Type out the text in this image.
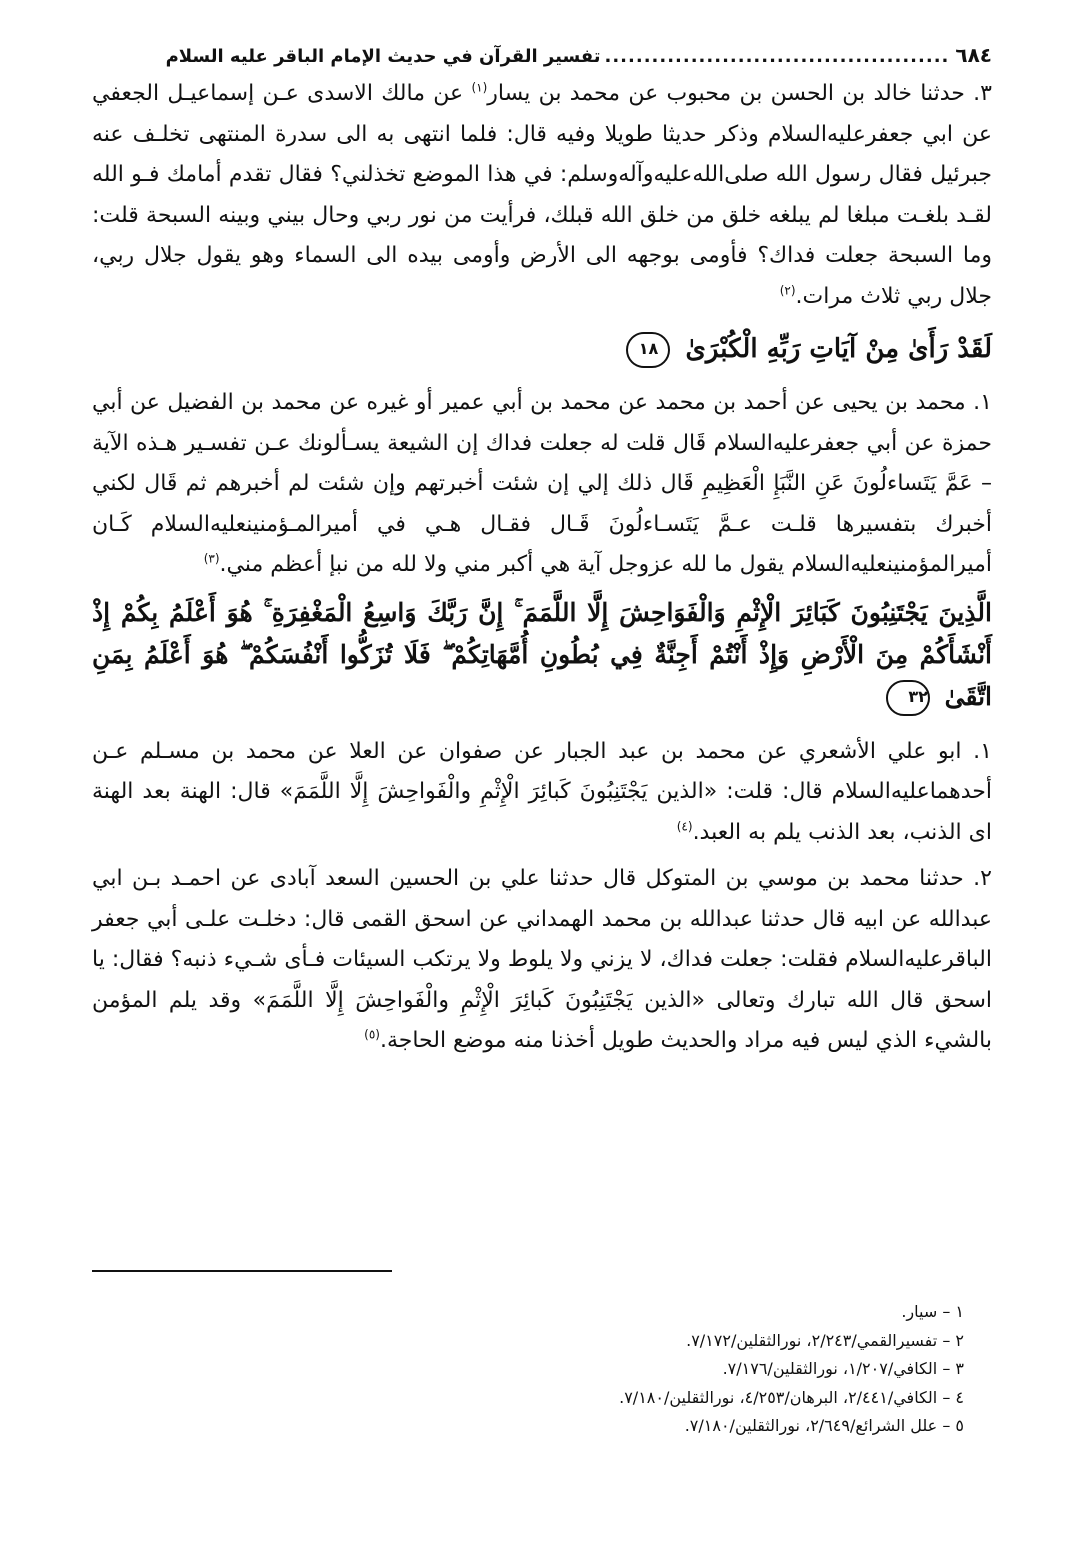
٦٨٤
............................................
تفسير القرآن في حديث الإمام الباقر عليه السلام

٣. حدثنا خالد بن الحسن بن محبوب عن محمد بن يسار$^{(١)}$ عن مالك الاسدى عـن إسماعيـل الجعفي عن ابي جعفرعليه‌السلام وذكر حديثا طويلا وفيه قال: فلما انتهى به الى سدرة المنتهى تخلـف عنه جبرئيل فقال رسول الله صلى‌الله‌عليه‌وآله‌وسلم: في هذا الموضع تخذلني؟ فقال تقدم أمامك فـو الله لقـد بلغـت مبلغا لم يبلغه خلق من خلق الله قبلك، فرأيت من نور ربي وحال بيني وبينه السبحة قلت: وما السبحة جعلت فداك؟ فأومى بوجهه الى الأرض وأومى بيده الى السماء وهو يقول جلال ربي، جلال ربي ثلاث مرات.$^{(٢)}$

لَقَدْ رَأَىٰ مِنْ آيَاتِ رَبِّهِ الْكُبْرَىٰ ١٨

١. محمد بن يحيى عن أحمد بن محمد عن محمد بن أبي عمير أو غيره عن محمد بن الفضيل عن أبي حمزة عن أبي جعفرعليه‌السلام قَال قلت له جعلت فداك إن الشيعة يسـألونك عـن تفسـير هـذه الآية – عَمَّ يَتَساءلُونَ عَنِ النَّبَإِ الْعَظِيمِ قَال ذلك إلي إن شئت أخبرتهم وإن شئت لم أخبرهم ثم قَال لكني أخبرك بتفسيرها قلـت عـمَّ يَتَسـاءلُونَ قَـال فقـال هـي في أميرالمـؤمنينعليه‌السلام كَـان أميرالمؤمنينعليه‌السلام يقول ما لله عزوجل آية هي أكبر مني ولا لله من نبإ أعظم مني.$^{(٣)}$

الَّذِينَ يَجْتَنِبُونَ كَبَائِرَ الْإِثْمِ وَالْفَوَاحِشَ إِلَّا اللَّمَمَ ۚ إِنَّ رَبَّكَ وَاسِعُ الْمَغْفِرَةِ ۚ هُوَ أَعْلَمُ بِكُمْ إِذْ أَنْشَأَكُمْ مِنَ الْأَرْضِ وَإِذْ أَنْتُمْ أَجِنَّةٌ فِي بُطُونِ أُمَّهَاتِكُمْ ۖ فَلَا تُزَكُّوا أَنْفُسَكُمْ ۖ هُوَ أَعْلَمُ بِمَنِ اتَّقَىٰ ٣٢

١. ابو علي الأشعري عن محمد بن عبد الجبار عن صفوان عن العلا عن محمد بن مسـلم عـن أحدهماعليه‌السلام قال: قلت: «الذين يَجْتَنِبُونَ كَبائِرَ الْإِثْمِ والْفَواحِشَ إِلَّا اللَّمَمَ» قال: الهنة بعد الهنة اى الذنب، بعد الذنب يلم به العبد.$^{(٤)}$

٢. حدثنا محمد بن موسي بن المتوكل قال حدثنا علي بن الحسين السعد آبادى عن احمـد بـن ابي عبدالله عن ابيه قال حدثنا عبدالله بن محمد الهمداني عن اسحق القمى قال: دخلـت علـى أبي جعفر الباقرعليه‌السلام فقلت: جعلت فداك، لا يزني ولا يلوط ولا يرتكب السيئات فـأى شـيء ذنبه؟ فقال: يا اسحق قال الله تبارك وتعالى «الذين يَجْتَنِبُونَ كَبائِرَ الْإِثْمِ والْفَواحِشَ إِلَّا اللَّمَمَ» وقد يلم المؤمن بالشيء الذي ليس فيه مراد والحديث طويل أخذنا منه موضع الحاجة.$^{(٥)}$

١ – سيار.
٢ – تفسيرالقمي/٢/٢٤٣، نورالثقلين/٧/١٧٢.
٣ – الكافي/١/٢٠٧، نورالثقلين/٧/١٧٦.
٤ – الكافي/٢/٤٤١، البرهان/٤/٢٥٣، نورالثقلين/٧/١٨٠.
٥ – علل الشرائع/٢/٦٤٩، نورالثقلين/٧/١٨٠.
